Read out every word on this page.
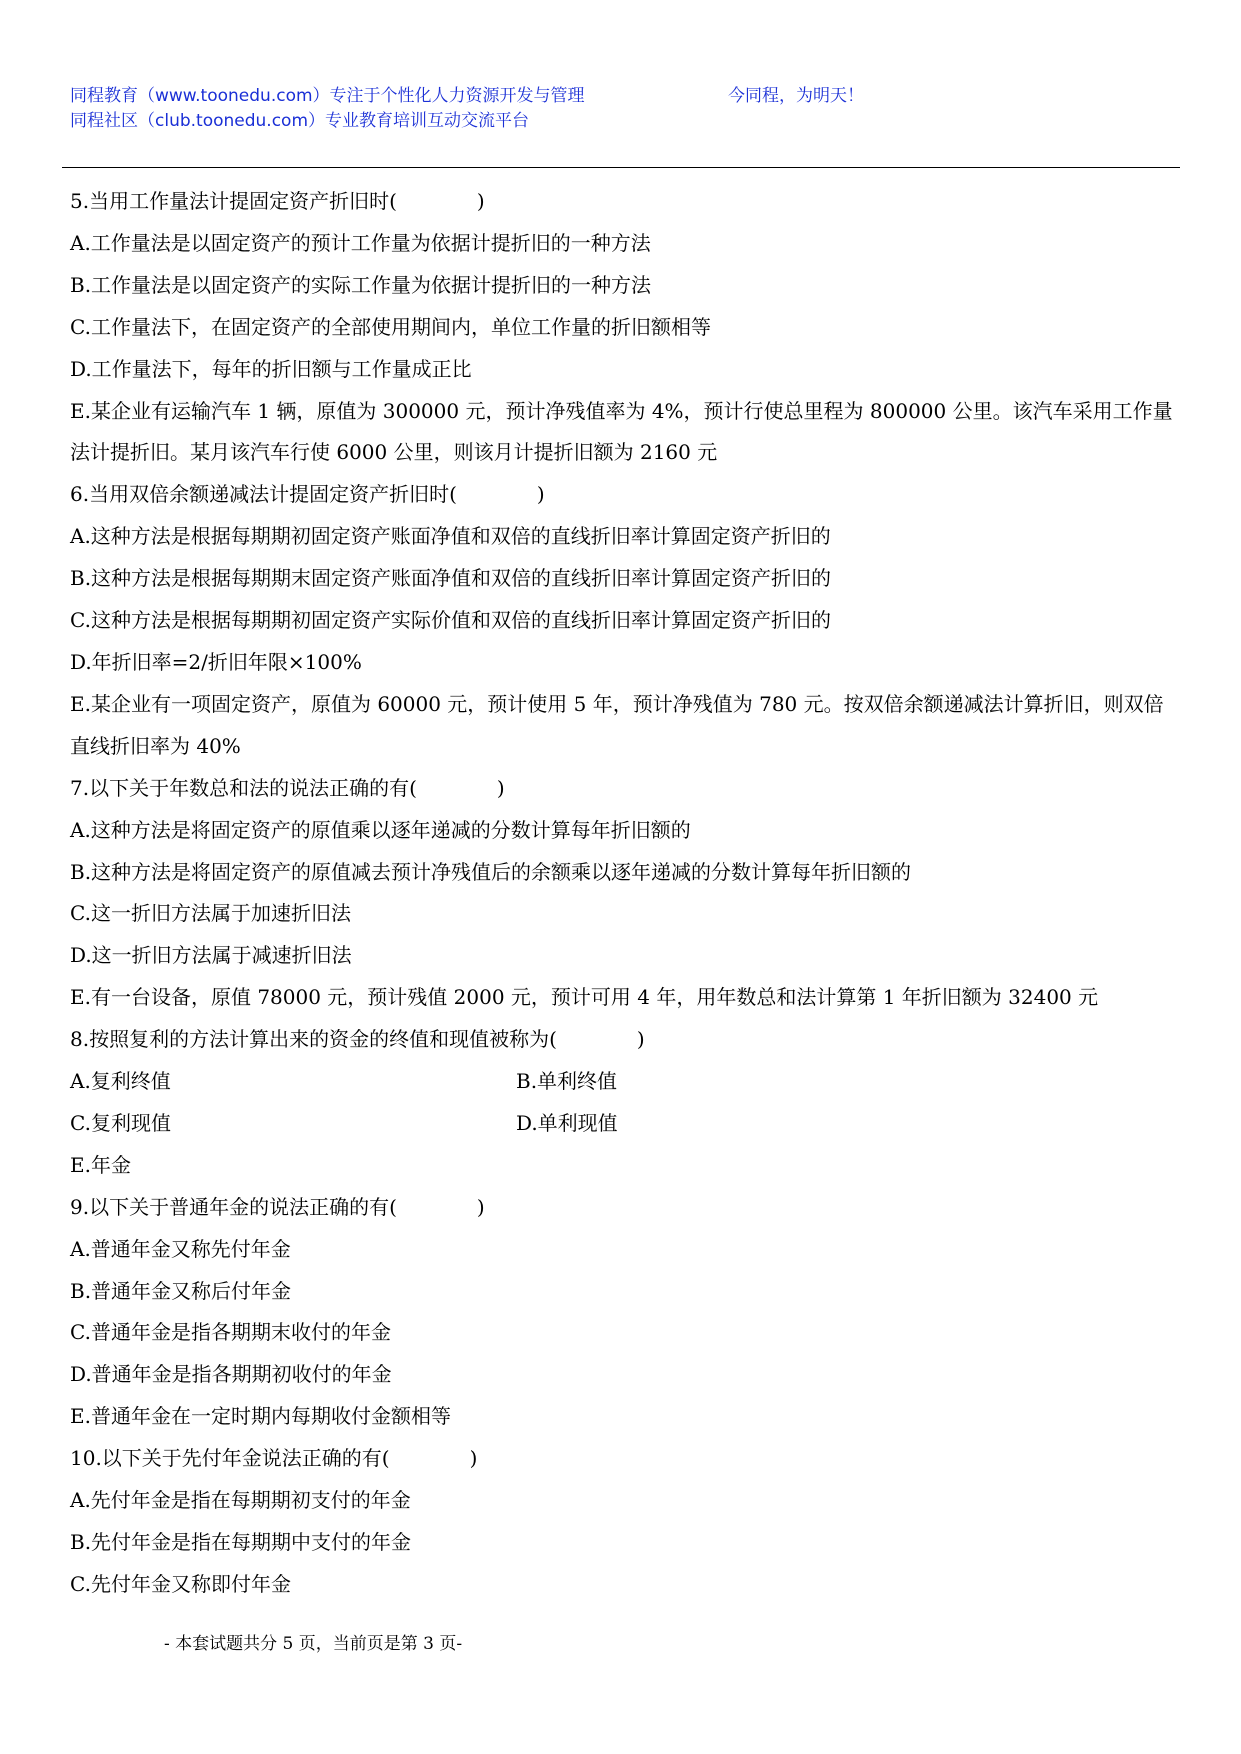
同程教育（www.toonedu.com）专注于个性化人力资源开发与管理	今同程，为明天！
同程社区（club.toonedu.com）专业教育培训互动交流平台
5.当用工作量法计提固定资产折旧时(　　　　)
A.工作量法是以固定资产的预计工作量为依据计提折旧的一种方法
B.工作量法是以固定资产的实际工作量为依据计提折旧的一种方法
C.工作量法下，在固定资产的全部使用期间内，单位工作量的折旧额相等
D.工作量法下，每年的折旧额与工作量成正比
E.某企业有运输汽车 1 辆，原值为 300000 元，预计净残值率为 4%，预计行使总里程为 800000 公里。该汽车采用工作量法计提折旧。某月该汽车行使 6000 公里，则该月计提折旧额为 2160 元
6.当用双倍余额递减法计提固定资产折旧时(　　　　)
A.这种方法是根据每期期初固定资产账面净值和双倍的直线折旧率计算固定资产折旧的
B.这种方法是根据每期期末固定资产账面净值和双倍的直线折旧率计算固定资产折旧的
C.这种方法是根据每期期初固定资产实际价值和双倍的直线折旧率计算固定资产折旧的
D.年折旧率=2/折旧年限×100%
E.某企业有一项固定资产，原值为 60000 元，预计使用 5 年，预计净残值为 780 元。按双倍余额递减法计算折旧，则双倍直线折旧率为 40%
7.以下关于年数总和法的说法正确的有(　　　　)
A.这种方法是将固定资产的原值乘以逐年递减的分数计算每年折旧额的
B.这种方法是将固定资产的原值减去预计净残值后的余额乘以逐年递减的分数计算每年折旧额的
C.这一折旧方法属于加速折旧法
D.这一折旧方法属于减速折旧法
E.有一台设备，原值 78000 元，预计残值 2000 元，预计可用 4 年，用年数总和法计算第 1 年折旧额为 32400 元
8.按照复利的方法计算出来的资金的终值和现值被称为(　　　　)
A.复利终值	B.单利终值
C.复利现值	D.单利现值
E.年金
9.以下关于普通年金的说法正确的有(　　　　)
A.普通年金又称先付年金
B.普通年金又称后付年金
C.普通年金是指各期期末收付的年金
D.普通年金是指各期期初收付的年金
E.普通年金在一定时期内每期收付金额相等
10.以下关于先付年金说法正确的有(　　　　)
A.先付年金是指在每期期初支付的年金
B.先付年金是指在每期期中支付的年金
C.先付年金又称即付年金
- 本套试题共分 5 页，当前页是第 3 页-
